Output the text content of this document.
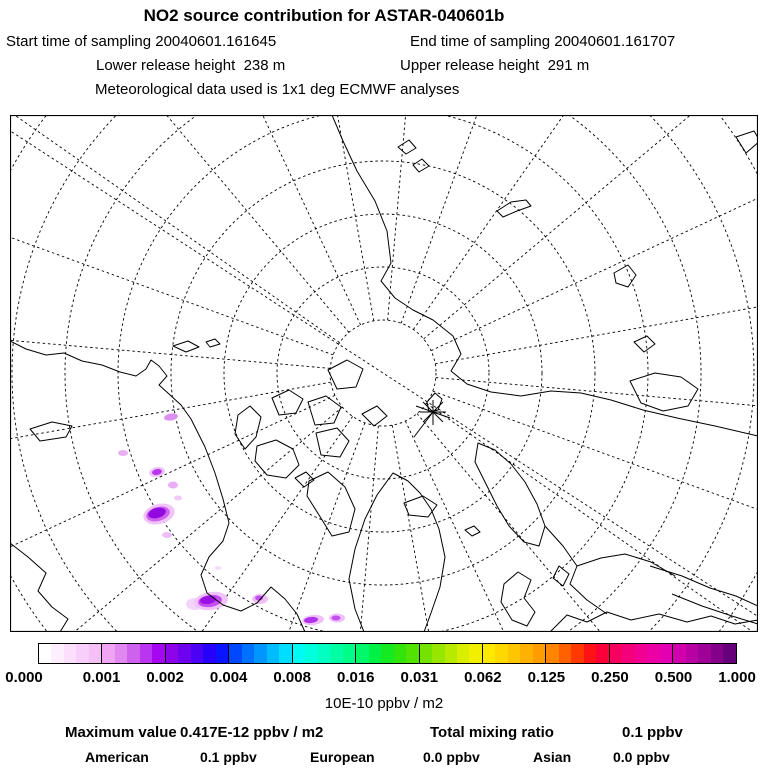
NO2 source contribution for ASTAR-040601b
Start time of sampling 20040601.161645	End time of sampling 20040601.161707
Lower release height  238 m	Upper release height  291 m
Meteorological data used is 1x1 deg ECMWF analyses
0.000	0.001 0.002 0.004 0.008 0.016 0.031 0.062 0.125 0.250 0.500 1.000
10E-10 ppbv / m2
Maximum value 0.417E-12 ppbv / m2	Total mixing ratio	0.1 ppbv
American	0.1 ppbv	European	0.0 ppbv	Asian	0.0 ppbv
